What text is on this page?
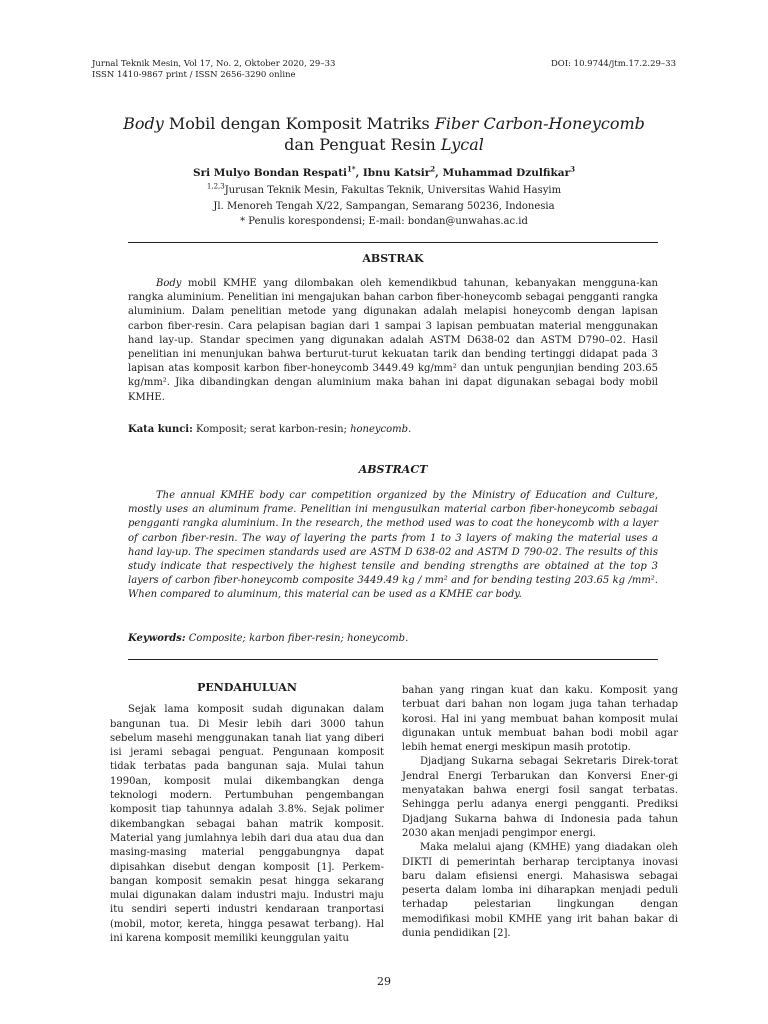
Jurnal Teknik Mesin, Vol 17, No. 2, Oktober 2020, 29–33
ISSN 1410-9867 print / ISSN 2656-3290 online
DOI: 10.9744/jtm.17.2.29–33
Body Mobil dengan Komposit Matriks Fiber Carbon-Honeycomb
dan Penguat Resin Lycal
Sri Mulyo Bondan Respati$^{1*}$, Ibnu Katsir$^2$, Muhammad Dzulfikar$^3$
$^{1,2,3}$Jurusan Teknik Mesin, Fakultas Teknik, Universitas Wahid Hasyim
Jl. Menoreh Tengah X/22, Sampangan, Semarang 50236, Indonesia
* Penulis korespondensi; E-mail: bondan@unwahas.ac.id
ABSTRAK
Body mobil KMHE yang dilombakan oleh kemendikbud tahunan, kebanyakan mengguna-kan rangka aluminium. Penelitian ini mengajukan bahan carbon fiber-honeycomb sebagai pengganti rangka aluminium. Dalam penelitian metode yang digunakan adalah melapisi honeycomb dengan lapisan carbon fiber-resin. Cara pelapisan bagian dari 1 sampai 3 lapisan pembuatan material menggunakan hand lay-up. Standar specimen yang digunakan adalah ASTM D638-02 dan ASTM D790–02. Hasil penelitian ini menunjukan bahwa berturut-turut kekuatan tarik dan bending tertinggi didapat pada 3 lapisan atas komposit karbon fiber-honeycomb 3449.49 kg/mm² dan untuk pengunjian bending 203.65 kg/mm². Jika dibandingkan dengan aluminium maka bahan ini dapat digunakan sebagai body mobil KMHE.
Kata kunci: Komposit; serat karbon-resin; honeycomb.
ABSTRACT
The annual KMHE body car competition organized by the Ministry of Education and Culture, mostly uses an aluminum frame. Penelitian ini mengusulkan material carbon fiber-honeycomb sebagai pengganti rangka aluminium. In the research, the method used was to coat the honeycomb with a layer of carbon fiber-resin. The way of layering the parts from 1 to 3 layers of making the material uses a hand lay-up. The specimen standards used are ASTM D 638-02 and ASTM D 790-02. The results of this study indicate that respectively the highest tensile and bending strengths are obtained at the top 3 layers of carbon fiber-honeycomb composite 3449.49 kg / mm² and for bending testing 203.65 kg /mm². When compared to aluminum, this material can be used as a KMHE car body.
Keywords: Composite; karbon fiber-resin; honeycomb.

PENDAHULUAN

Sejak lama komposit sudah digunakan dalam bangunan tua. Di Mesir lebih dari 3000 tahun sebelum masehi menggunakan tanah liat yang diberi isi jerami sebagai penguat. Pengunaan komposit tidak terbatas pada bangunan saja. Mulai tahun 1990an, komposit mulai dikembangkan denga teknologi modern. Pertumbuhan pengembangan komposit tiap tahunnya adalah 3.8%. Sejak polimer dikembangkan sebagai bahan matrik komposit. Material yang jumlahnya lebih dari dua atau dua dan masing-masing material penggabungnya dapat dipisahkan disebut dengan komposit [1]. Perkem-bangan komposit semakin pesat hingga sekarang mulai digunakan dalam industri maju. Industri maju itu sendiri seperti industri kendaraan tranportasi (mobil, motor, kereta, hingga pesawat terbang). Hal ini karena komposit memiliki keunggulan yaitu

bahan yang ringan kuat dan kaku. Komposit yang terbuat dari bahan non logam juga tahan terhadap korosi. Hal ini yang membuat bahan komposit mulai digunakan untuk membuat bahan bodi mobil agar lebih hemat energi meskipun masih prototip.

Djadjang Sukarna sebagai Sekretaris Direk-torat Jendral Energi Terbarukan dan Konversi Ener-gi menyatakan bahwa energi fosil sangat terbatas. Sehingga perlu adanya energi pengganti. Prediksi Djadjang Sukarna bahwa di Indonesia pada tahun 2030 akan menjadi pengimpor energi.

Maka melalui ajang (KMHE) yang diadakan oleh DIKTI di pemerintah berharap terciptanya inovasi baru dalam efisiensi energi. Mahasiswa sebagai peserta dalam lomba ini diharapkan menjadi peduli terhadap pelestarian lingkungan dengan memodifikasi mobil KMHE yang irit bahan bakar di dunia pendidikan [2].

29
